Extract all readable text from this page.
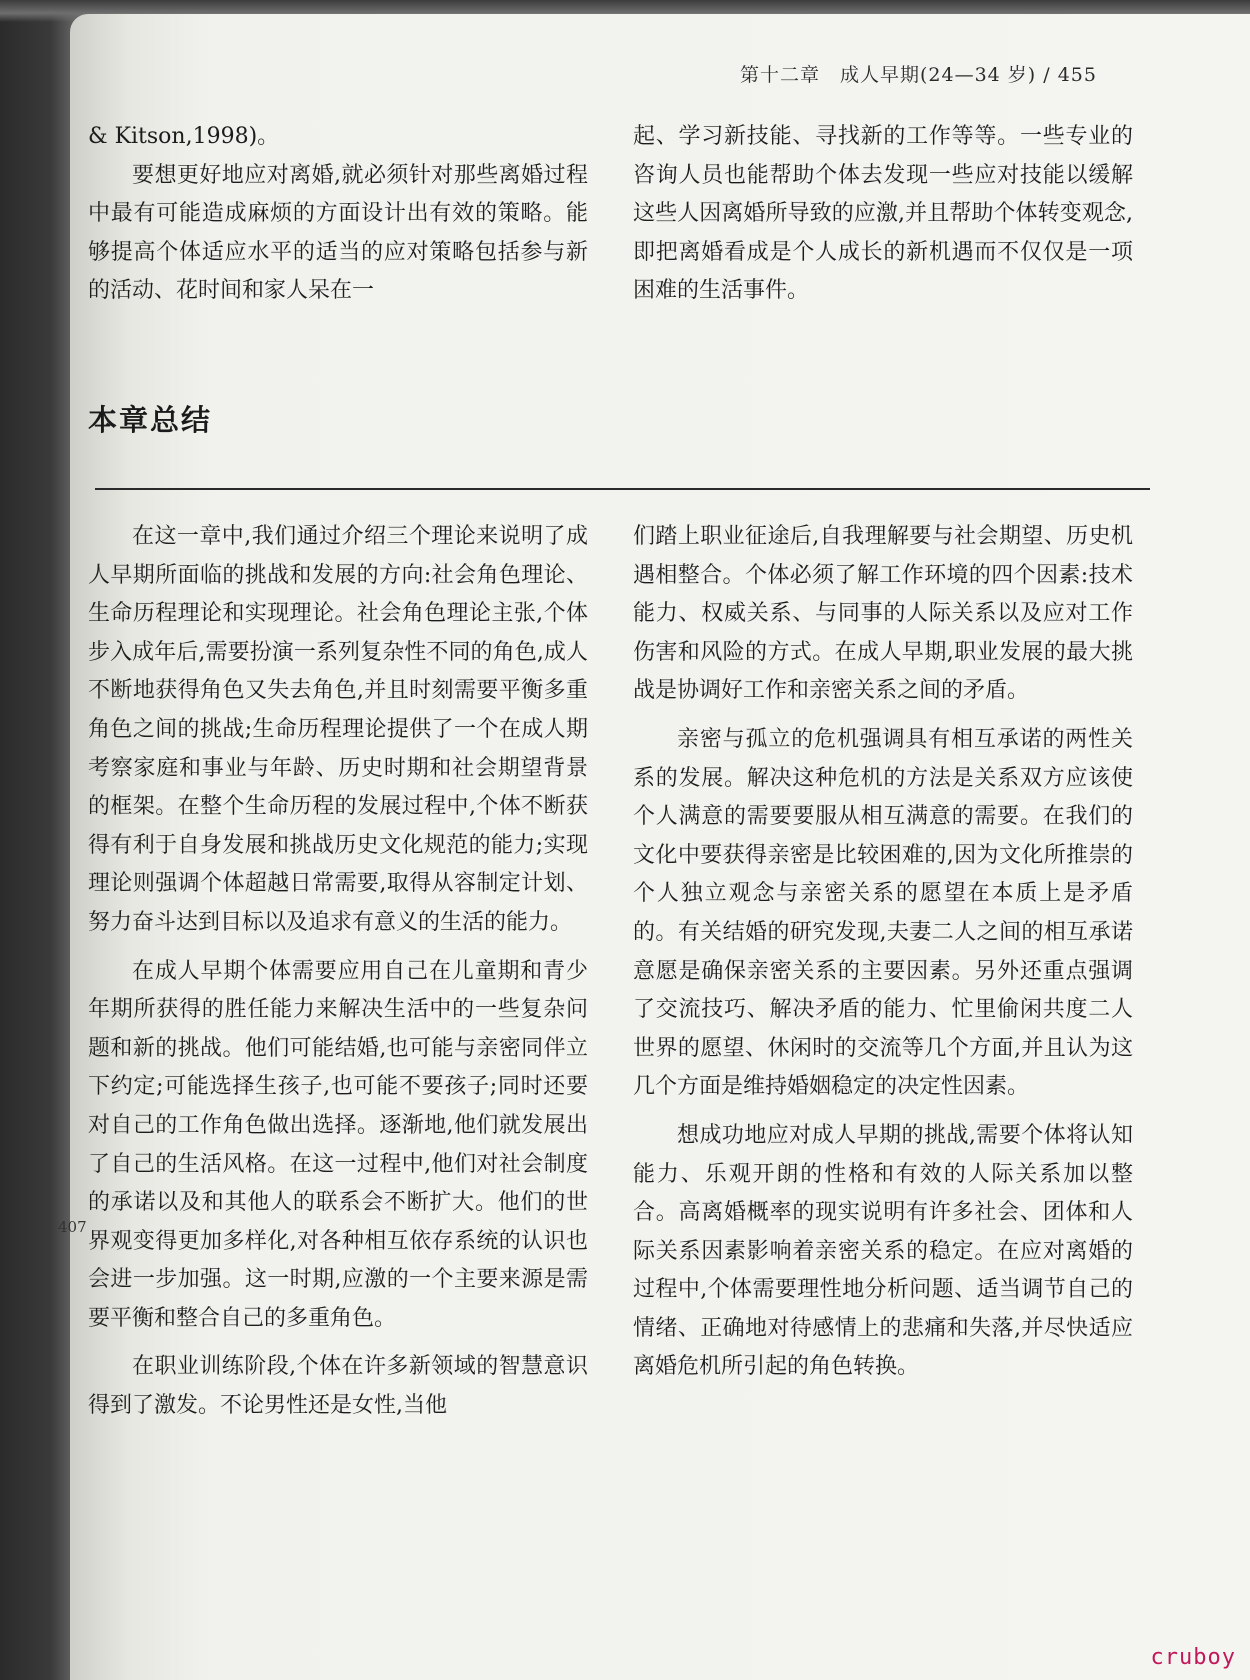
第十二章　成人早期(24—34 岁) / 455

& Kitson,1998)。

要想更好地应对离婚,就必须针对那些离婚过程中最有可能造成麻烦的方面设计出有效的策略。能够提高个体适应水平的适当的应对策略包括参与新的活动、花时间和家人呆在一

起、学习新技能、寻找新的工作等等。一些专业的咨询人员也能帮助个体去发现一些应对技能以缓解这些人因离婚所导致的应激,并且帮助个体转变观念,即把离婚看成是个人成长的新机遇而不仅仅是一项困难的生活事件。

本章总结

在这一章中,我们通过介绍三个理论来说明了成人早期所面临的挑战和发展的方向:社会角色理论、生命历程理论和实现理论。社会角色理论主张,个体步入成年后,需要扮演一系列复杂性不同的角色,成人不断地获得角色又失去角色,并且时刻需要平衡多重角色之间的挑战;生命历程理论提供了一个在成人期考察家庭和事业与年龄、历史时期和社会期望背景的框架。在整个生命历程的发展过程中,个体不断获得有利于自身发展和挑战历史文化规范的能力;实现理论则强调个体超越日常需要,取得从容制定计划、努力奋斗达到目标以及追求有意义的生活的能力。

在成人早期个体需要应用自己在儿童期和青少年期所获得的胜任能力来解决生活中的一些复杂问题和新的挑战。他们可能结婚,也可能与亲密同伴立下约定;可能选择生孩子,也可能不要孩子;同时还要对自己的工作角色做出选择。逐渐地,他们就发展出了自己的生活风格。在这一过程中,他们对社会制度的承诺以及和其他人的联系会不断扩大。他们的世界观变得更加多样化,对各种相互依存系统的认识也会进一步加强。这一时期,应激的一个主要来源是需要平衡和整合自己的多重角色。

在职业训练阶段,个体在许多新领域的智慧意识得到了激发。不论男性还是女性,当他

们踏上职业征途后,自我理解要与社会期望、历史机遇相整合。个体必须了解工作环境的四个因素:技术能力、权威关系、与同事的人际关系以及应对工作伤害和风险的方式。在成人早期,职业发展的最大挑战是协调好工作和亲密关系之间的矛盾。

亲密与孤立的危机强调具有相互承诺的两性关系的发展。解决这种危机的方法是关系双方应该使个人满意的需要要服从相互满意的需要。在我们的文化中要获得亲密是比较困难的,因为文化所推崇的个人独立观念与亲密关系的愿望在本质上是矛盾的。有关结婚的研究发现,夫妻二人之间的相互承诺意愿是确保亲密关系的主要因素。另外还重点强调了交流技巧、解决矛盾的能力、忙里偷闲共度二人世界的愿望、休闲时的交流等几个方面,并且认为这几个方面是维持婚姻稳定的决定性因素。

想成功地应对成人早期的挑战,需要个体将认知能力、乐观开朗的性格和有效的人际关系加以整合。高离婚概率的现实说明有许多社会、团体和人际关系因素影响着亲密关系的稳定。在应对离婚的过程中,个体需要理性地分析问题、适当调节自己的情绪、正确地对待感情上的悲痛和失落,并尽快适应离婚危机所引起的角色转换。

407
cruboy
